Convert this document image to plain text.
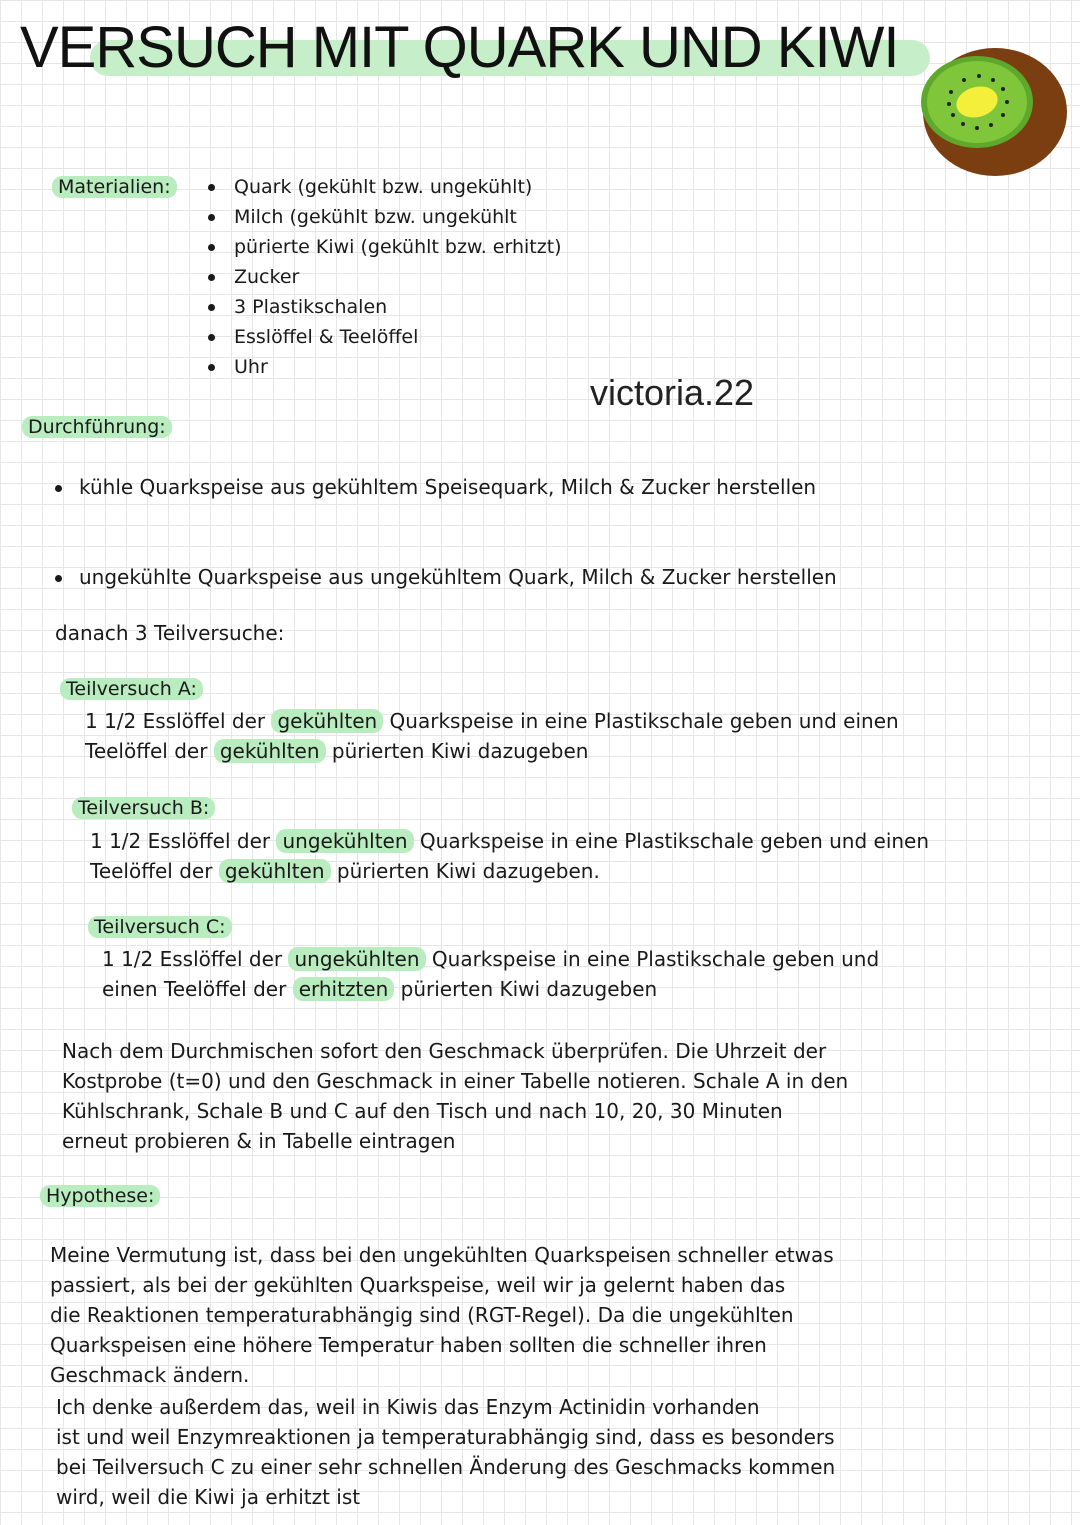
VERSUCH MIT QUARK UND KIWI
Materialien:	Quark (gekühlt bzw. ungekühlt)
Milch (gekühlt bzw. ungekühlt
pürierte Kiwi (gekühlt bzw. erhitzt)
Zucker
3 Plastikschalen
Esslöffel & Teelöffel
Uhr
victoria.22
Durchführung:
kühle Quarkspeise aus gekühltem Speisequark, Milch & Zucker herstellen
ungekühlte Quarkspeise aus ungekühltem Quark, Milch & Zucker herstellen
danach 3 Teilversuche:
Teilversuch A:
1 1/2 Esslöffel der gekühlten Quarkspeise in eine Plastikschale geben und einen
Teelöffel der gekühlten pürierten Kiwi dazugeben
Teilversuch B:
1 1/2 Esslöffel der ungekühlten Quarkspeise in eine Plastikschale geben und einen
Teelöffel der gekühlten pürierten Kiwi dazugeben.
Teilversuch C:
1 1/2 Esslöffel der ungekühlten Quarkspeise in eine Plastikschale geben und
einen Teelöffel der erhitzten pürierten Kiwi dazugeben
Nach dem Durchmischen sofort den Geschmack überprüfen. Die Uhrzeit der
Kostprobe (t=0) und den Geschmack in einer Tabelle notieren. Schale A in den
Kühlschrank, Schale B und C auf den Tisch und nach 10, 20, 30 Minuten
erneut probieren & in Tabelle eintragen
Hypothese:
Meine Vermutung ist, dass bei den ungekühlten Quarkspeisen schneller etwas
passiert, als bei der gekühlten Quarkspeise, weil wir ja gelernt haben das
die Reaktionen temperaturabhängig sind (RGT-Regel). Da die ungekühlten
Quarkspeisen eine höhere Temperatur haben sollten die schneller ihren
Geschmack ändern.
Ich denke außerdem das, weil in Kiwis das Enzym Actinidin vorhanden
ist und weil Enzymreaktionen ja temperaturabhängig sind, dass es besonders
bei Teilversuch C zu einer sehr schnellen Änderung des Geschmacks kommen
wird, weil die Kiwi ja erhitzt ist
